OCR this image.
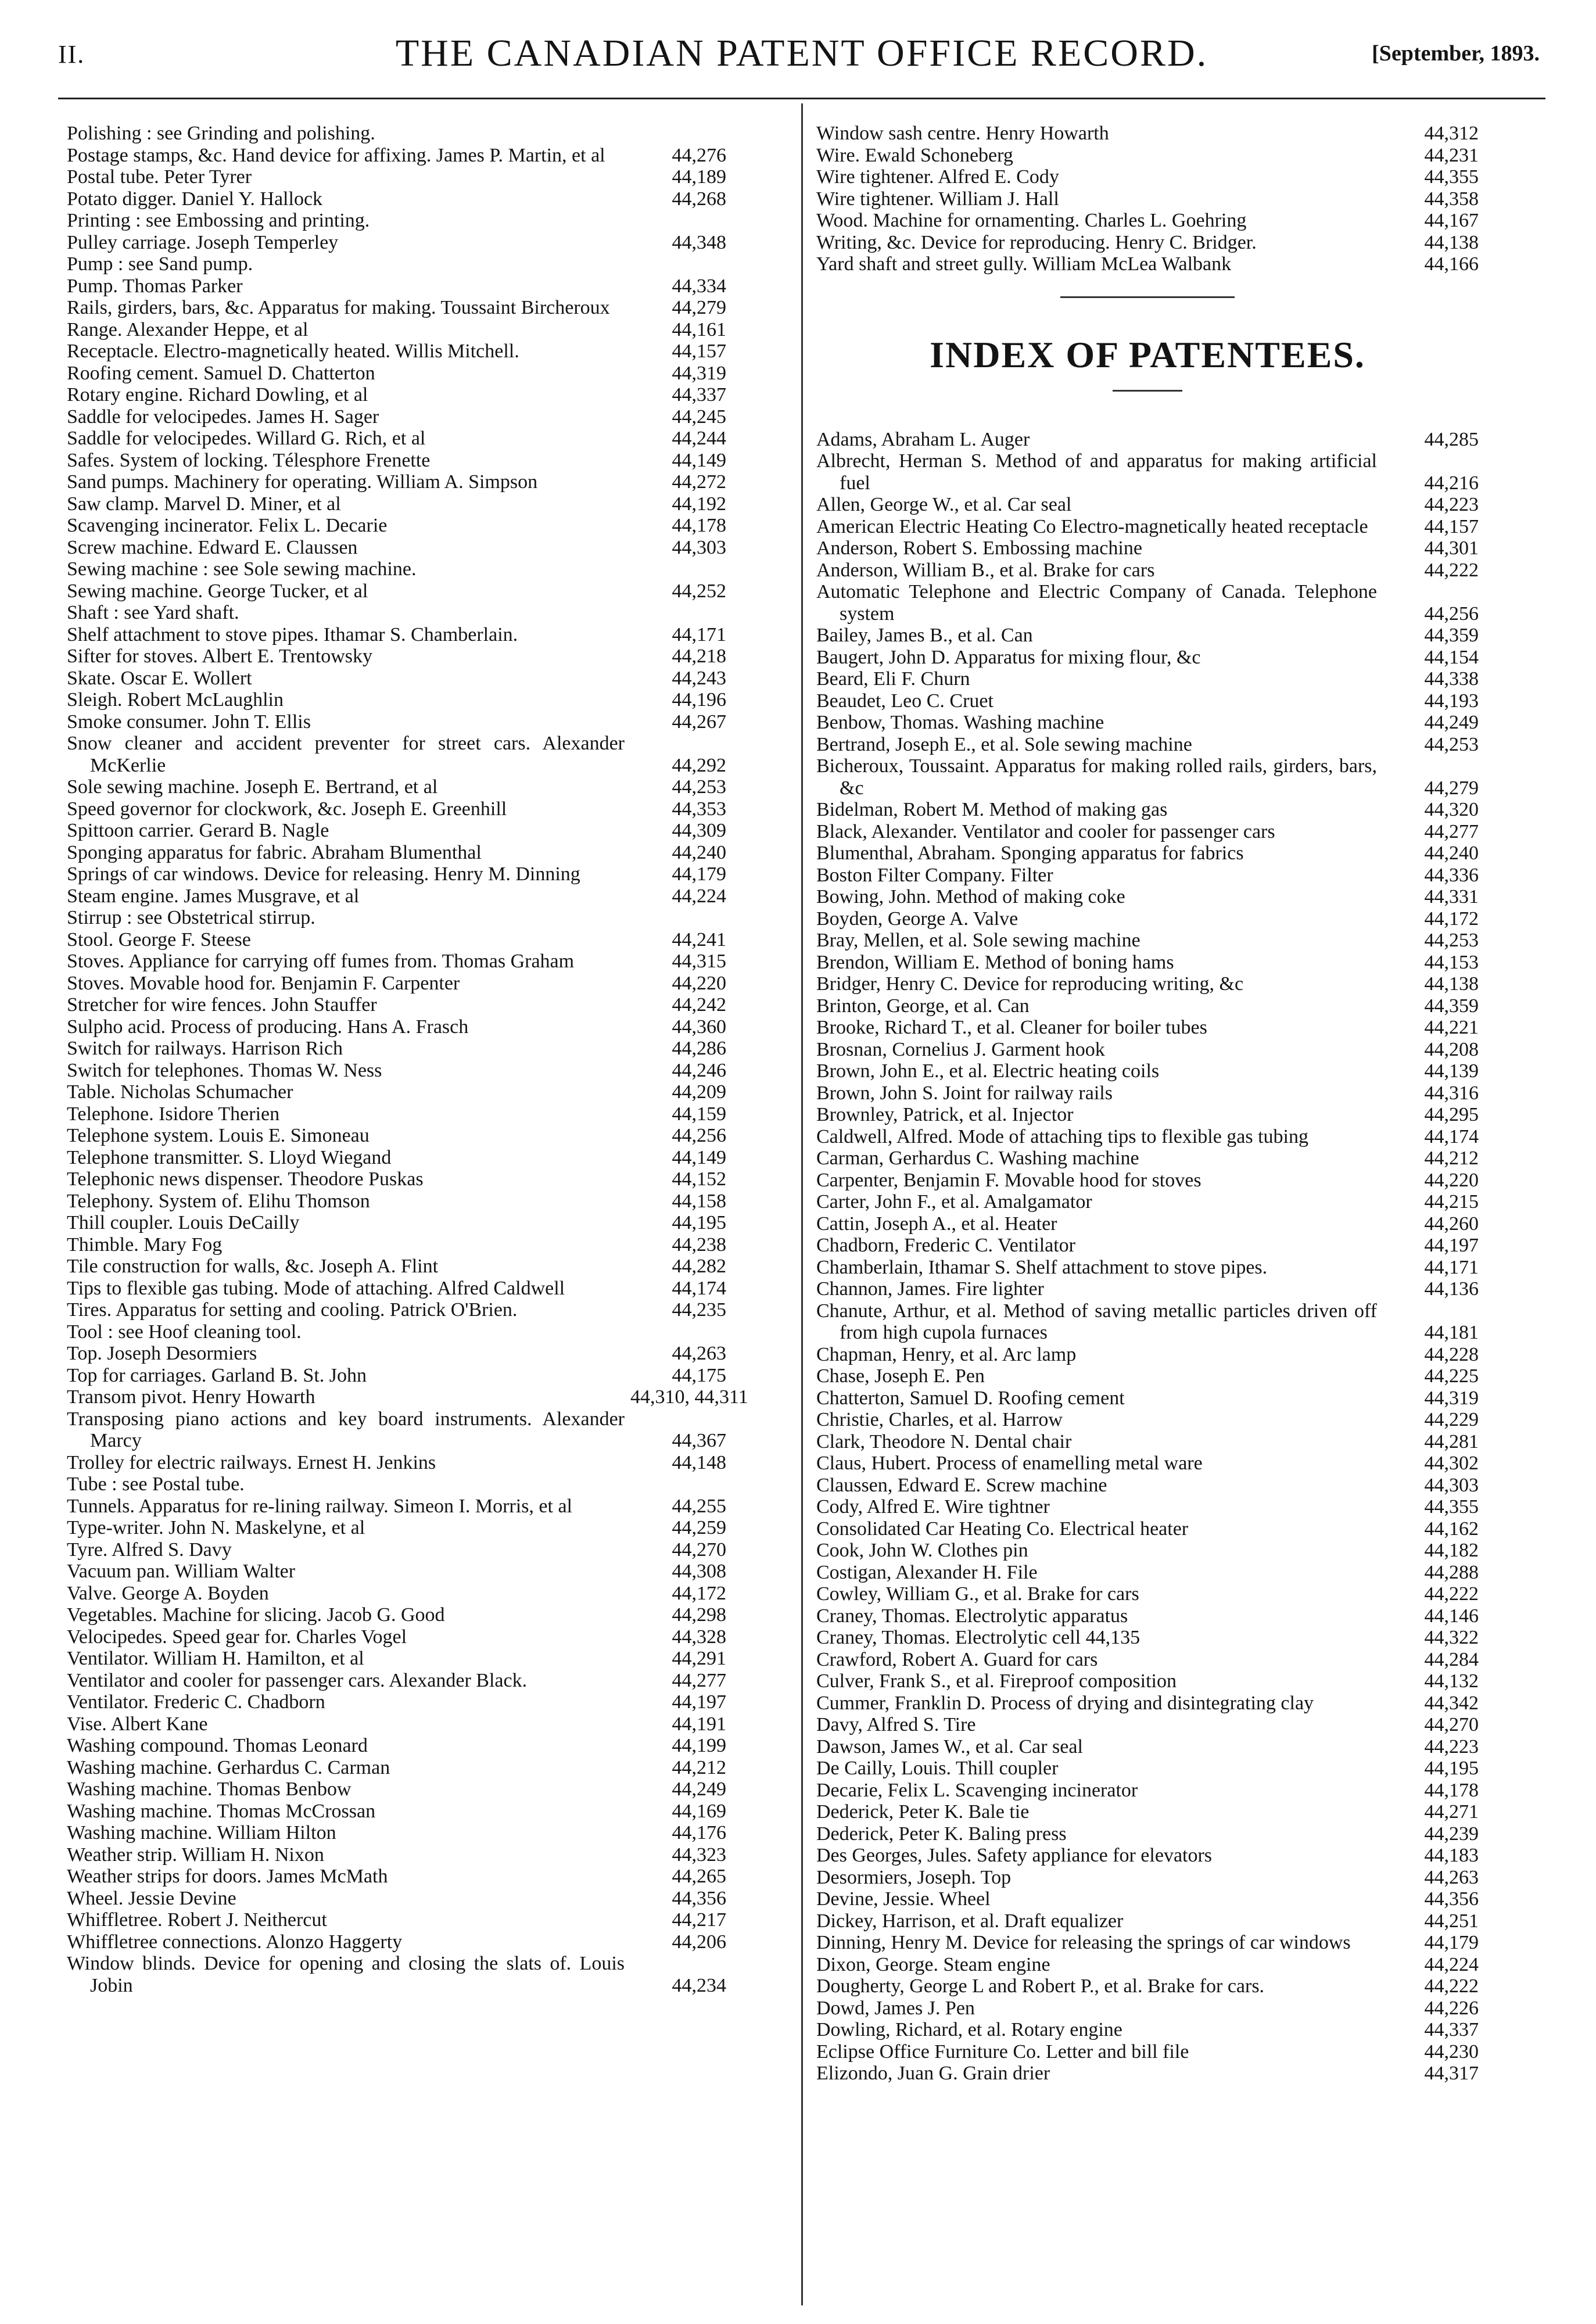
II.	THE CANADIAN PATENT OFFICE RECORD.	[September, 1893.
Polishing : see Grinding and polishing.
Postage stamps, &c. Hand device for affixing. James P. Martin, et al	44,276
Postal tube. Peter Tyrer	44,189
Potato digger. Daniel Y. Hallock	44,268
Printing : see Embossing and printing.
Pulley carriage. Joseph Temperley	44,348
Pump : see Sand pump.
Pump. Thomas Parker	44,334
Rails, girders, bars, &c. Apparatus for making. Toussaint Bircheroux	44,279
Range. Alexander Heppe, et al	44,161
Receptacle. Electro-magnetically heated. Willis Mitchell.	44,157
Roofing cement. Samuel D. Chatterton	44,319
Rotary engine. Richard Dowling, et al	44,337
Saddle for velocipedes. James H. Sager	44,245
Saddle for velocipedes. Willard G. Rich, et al	44,244
Safes. System of locking. Télesphore Frenette	44,149
Sand pumps. Machinery for operating. William A. Simpson	44,272
Saw clamp. Marvel D. Miner, et al	44,192
Scavenging incinerator. Felix L. Decarie	44,178
Screw machine. Edward E. Claussen	44,303
Sewing machine : see Sole sewing machine.
Sewing machine. George Tucker, et al	44,252
Shaft : see Yard shaft.
Shelf attachment to stove pipes. Ithamar S. Chamberlain.	44,171
Sifter for stoves. Albert E. Trentowsky	44,218
Skate. Oscar E. Wollert	44,243
Sleigh. Robert McLaughlin	44,196
Smoke consumer. John T. Ellis	44,267
Snow cleaner and accident preventer for street cars. Alexander McKerlie	44,292
Sole sewing machine. Joseph E. Bertrand, et al	44,253
Speed governor for clockwork, &c. Joseph E. Greenhill	44,353
Spittoon carrier. Gerard B. Nagle	44,309
Sponging apparatus for fabric. Abraham Blumenthal	44,240
Springs of car windows. Device for releasing. Henry M. Dinning	44,179
Steam engine. James Musgrave, et al	44,224
Stirrup : see Obstetrical stirrup.
Stool. George F. Steese	44,241
Stoves. Appliance for carrying off fumes from. Thomas Graham	44,315
Stoves. Movable hood for. Benjamin F. Carpenter	44,220
Stretcher for wire fences. John Stauffer	44,242
Sulpho acid. Process of producing. Hans A. Frasch	44,360
Switch for railways. Harrison Rich	44,286
Switch for telephones. Thomas W. Ness	44,246
Table. Nicholas Schumacher	44,209
Telephone. Isidore Therien	44,159
Telephone system. Louis E. Simoneau	44,256
Telephone transmitter. S. Lloyd Wiegand	44,149
Telephonic news dispenser. Theodore Puskas	44,152
Telephony. System of. Elihu Thomson	44,158
Thill coupler. Louis DeCailly	44,195
Thimble. Mary Fog	44,238
Tile construction for walls, &c. Joseph A. Flint	44,282
Tips to flexible gas tubing. Mode of attaching. Alfred Caldwell	44,174
Tires. Apparatus for setting and cooling. Patrick O'Brien.	44,235
Tool : see Hoof cleaning tool.
Top. Joseph Desormiers	44,263
Top for carriages. Garland B. St. John	44,175
Transom pivot. Henry Howarth	44,310, 44,311
Transposing piano actions and key board instruments. Alexander Marcy	44,367
Trolley for electric railways. Ernest H. Jenkins	44,148
Tube : see Postal tube.
Tunnels. Apparatus for re-lining railway. Simeon I. Morris, et al	44,255
Type-writer. John N. Maskelyne, et al	44,259
Tyre. Alfred S. Davy	44,270
Vacuum pan. William Walter	44,308
Valve. George A. Boyden	44,172
Vegetables. Machine for slicing. Jacob G. Good	44,298
Velocipedes. Speed gear for. Charles Vogel	44,328
Ventilator. William H. Hamilton, et al	44,291
Ventilator and cooler for passenger cars. Alexander Black.	44,277
Ventilator. Frederic C. Chadborn	44,197
Vise. Albert Kane	44,191
Washing compound. Thomas Leonard	44,199
Washing machine. Gerhardus C. Carman	44,212
Washing machine. Thomas Benbow	44,249
Washing machine. Thomas McCrossan	44,169
Washing machine. William Hilton	44,176
Weather strip. William H. Nixon	44,323
Weather strips for doors. James McMath	44,265
Wheel. Jessie Devine	44,356
Whiffletree. Robert J. Neithercut	44,217
Whiffletree connections. Alonzo Haggerty	44,206
Window blinds. Device for opening and closing the slats of. Louis Jobin	44,234
Window sash centre. Henry Howarth	44,312
Wire. Ewald Schoneberg	44,231
Wire tightener. Alfred E. Cody	44,355
Wire tightener. William J. Hall	44,358
Wood. Machine for ornamenting. Charles L. Goehring	44,167
Writing, &c. Device for reproducing. Henry C. Bridger.	44,138
Yard shaft and street gully. William McLea Walbank	44,166
INDEX OF PATENTEES.
Adams, Abraham L. Auger	44,285
Albrecht, Herman S. Method of and apparatus for making artificial fuel	44,216
Allen, George W., et al. Car seal	44,223
American Electric Heating Co Electro-magnetically heated receptacle	44,157
Anderson, Robert S. Embossing machine	44,301
Anderson, William B., et al. Brake for cars	44,222
Automatic Telephone and Electric Company of Canada. Telephone system	44,256
Bailey, James B., et al. Can	44,359
Baugert, John D. Apparatus for mixing flour, &c	44,154
Beard, Eli F. Churn	44,338
Beaudet, Leo C. Cruet	44,193
Benbow, Thomas. Washing machine	44,249
Bertrand, Joseph E., et al. Sole sewing machine	44,253
Bicheroux, Toussaint. Apparatus for making rolled rails, girders, bars, &c	44,279
Bidelman, Robert M. Method of making gas	44,320
Black, Alexander. Ventilator and cooler for passenger cars	44,277
Blumenthal, Abraham. Sponging apparatus for fabrics	44,240
Boston Filter Company. Filter	44,336
Bowing, John. Method of making coke	44,331
Boyden, George A. Valve	44,172
Bray, Mellen, et al. Sole sewing machine	44,253
Brendon, William E. Method of boning hams	44,153
Bridger, Henry C. Device for reproducing writing, &c	44,138
Brinton, George, et al. Can	44,359
Brooke, Richard T., et al. Cleaner for boiler tubes	44,221
Brosnan, Cornelius J. Garment hook	44,208
Brown, John E., et al. Electric heating coils	44,139
Brown, John S. Joint for railway rails	44,316
Brownley, Patrick, et al. Injector	44,295
Caldwell, Alfred. Mode of attaching tips to flexible gas tubing	44,174
Carman, Gerhardus C. Washing machine	44,212
Carpenter, Benjamin F. Movable hood for stoves	44,220
Carter, John F., et al. Amalgamator	44,215
Cattin, Joseph A., et al. Heater	44,260
Chadborn, Frederic C. Ventilator	44,197
Chamberlain, Ithamar S. Shelf attachment to stove pipes.	44,171
Channon, James. Fire lighter	44,136
Chanute, Arthur, et al. Method of saving metallic particles driven off from high cupola furnaces	44,181
Chapman, Henry, et al. Arc lamp	44,228
Chase, Joseph E. Pen	44,225
Chatterton, Samuel D. Roofing cement	44,319
Christie, Charles, et al. Harrow	44,229
Clark, Theodore N. Dental chair	44,281
Claus, Hubert. Process of enamelling metal ware	44,302
Claussen, Edward E. Screw machine	44,303
Cody, Alfred E. Wire tightner	44,355
Consolidated Car Heating Co. Electrical heater	44,162
Cook, John W. Clothes pin	44,182
Costigan, Alexander H. File	44,288
Cowley, William G., et al. Brake for cars	44,222
Craney, Thomas. Electrolytic apparatus	44,146
Craney, Thomas. Electrolytic cell 44,135	44,322
Crawford, Robert A. Guard for cars	44,284
Culver, Frank S., et al. Fireproof composition	44,132
Cummer, Franklin D. Process of drying and disintegrating clay	44,342
Davy, Alfred S. Tire	44,270
Dawson, James W., et al. Car seal	44,223
De Cailly, Louis. Thill coupler	44,195
Decarie, Felix L. Scavenging incinerator	44,178
Dederick, Peter K. Bale tie	44,271
Dederick, Peter K. Baling press	44,239
Des Georges, Jules. Safety appliance for elevators	44,183
Desormiers, Joseph. Top	44,263
Devine, Jessie. Wheel	44,356
Dickey, Harrison, et al. Draft equalizer	44,251
Dinning, Henry M. Device for releasing the springs of car windows	44,179
Dixon, George. Steam engine	44,224
Dougherty, George L and Robert P., et al. Brake for cars.	44,222
Dowd, James J. Pen	44,226
Dowling, Richard, et al. Rotary engine	44,337
Eclipse Office Furniture Co. Letter and bill file	44,230
Elizondo, Juan G. Grain drier	44,317
